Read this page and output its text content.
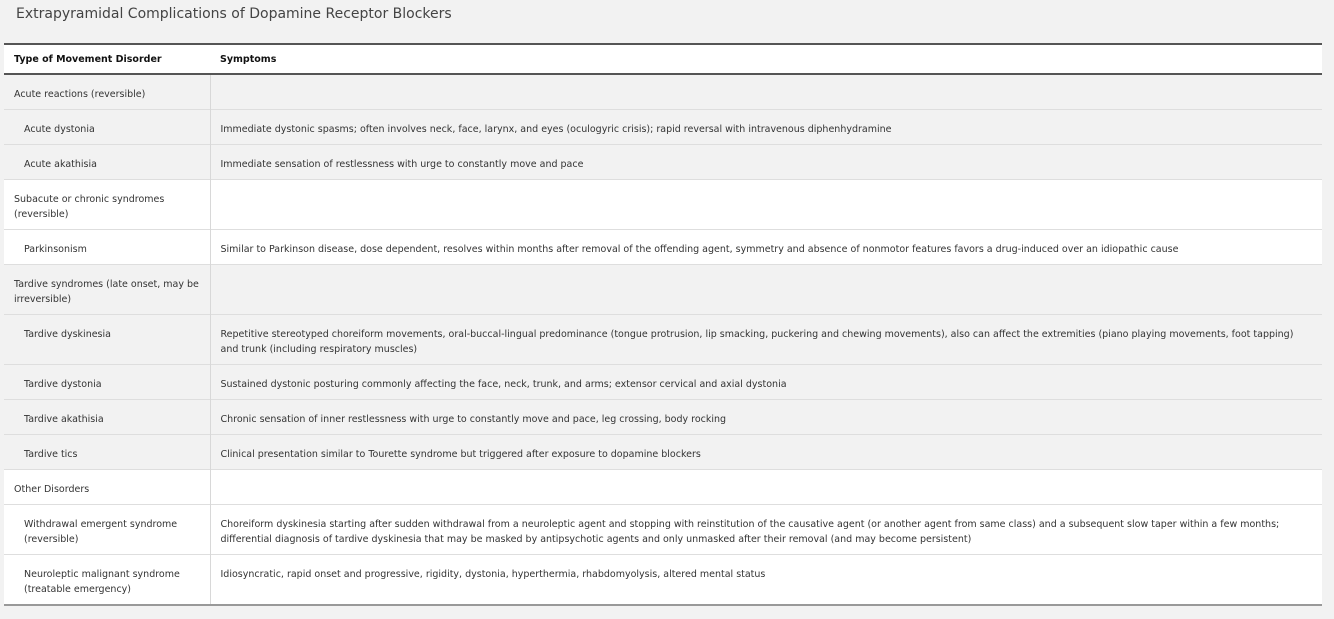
Extrapyramidal Complications of Dopamine Receptor Blockers
Type of Movement Disorder	Symptoms

Acute reactions (reversible)	

Acute dystonia	Immediate dystonic spasms; often involves neck, face, larynx, and eyes (oculogyric crisis); rapid reversal with intravenous diphenhydramine

Acute akathisia	Immediate sensation of restlessness with urge to constantly move and pace

Subacute or chronic syndromes (reversible)	

Parkinsonism	Similar to Parkinson disease, dose dependent, resolves within months after removal of the offending agent, symmetry and absence of nonmotor features favors a drug-induced over an idiopathic cause

Tardive syndromes (late onset, may be irreversible)	

Tardive dyskinesia	Repetitive stereotyped choreiform movements, oral-buccal-lingual predominance (tongue protrusion, lip smacking, puckering and chewing movements), also can affect the extremities (piano playing movements, foot tapping) and trunk (including respiratory muscles)

Tardive dystonia	Sustained dystonic posturing commonly affecting the face, neck, trunk, and arms; extensor cervical and axial dystonia

Tardive akathisia	Chronic sensation of inner restlessness with urge to constantly move and pace, leg crossing, body rocking

Tardive tics	Clinical presentation similar to Tourette syndrome but triggered after exposure to dopamine blockers

Other Disorders	

Withdrawal emergent syndrome (reversible)	Choreiform dyskinesia starting after sudden withdrawal from a neuroleptic agent and stopping with reinstitution of the causative agent (or another agent from same class) and a subsequent slow taper within a few months; differential diagnosis of tardive dyskinesia that may be masked by antipsychotic agents and only unmasked after their removal (and may become persistent)

Neuroleptic malignant syndrome (treatable emergency)	Idiosyncratic, rapid onset and progressive, rigidity, dystonia, hyperthermia, rhabdomyolysis, altered mental status
